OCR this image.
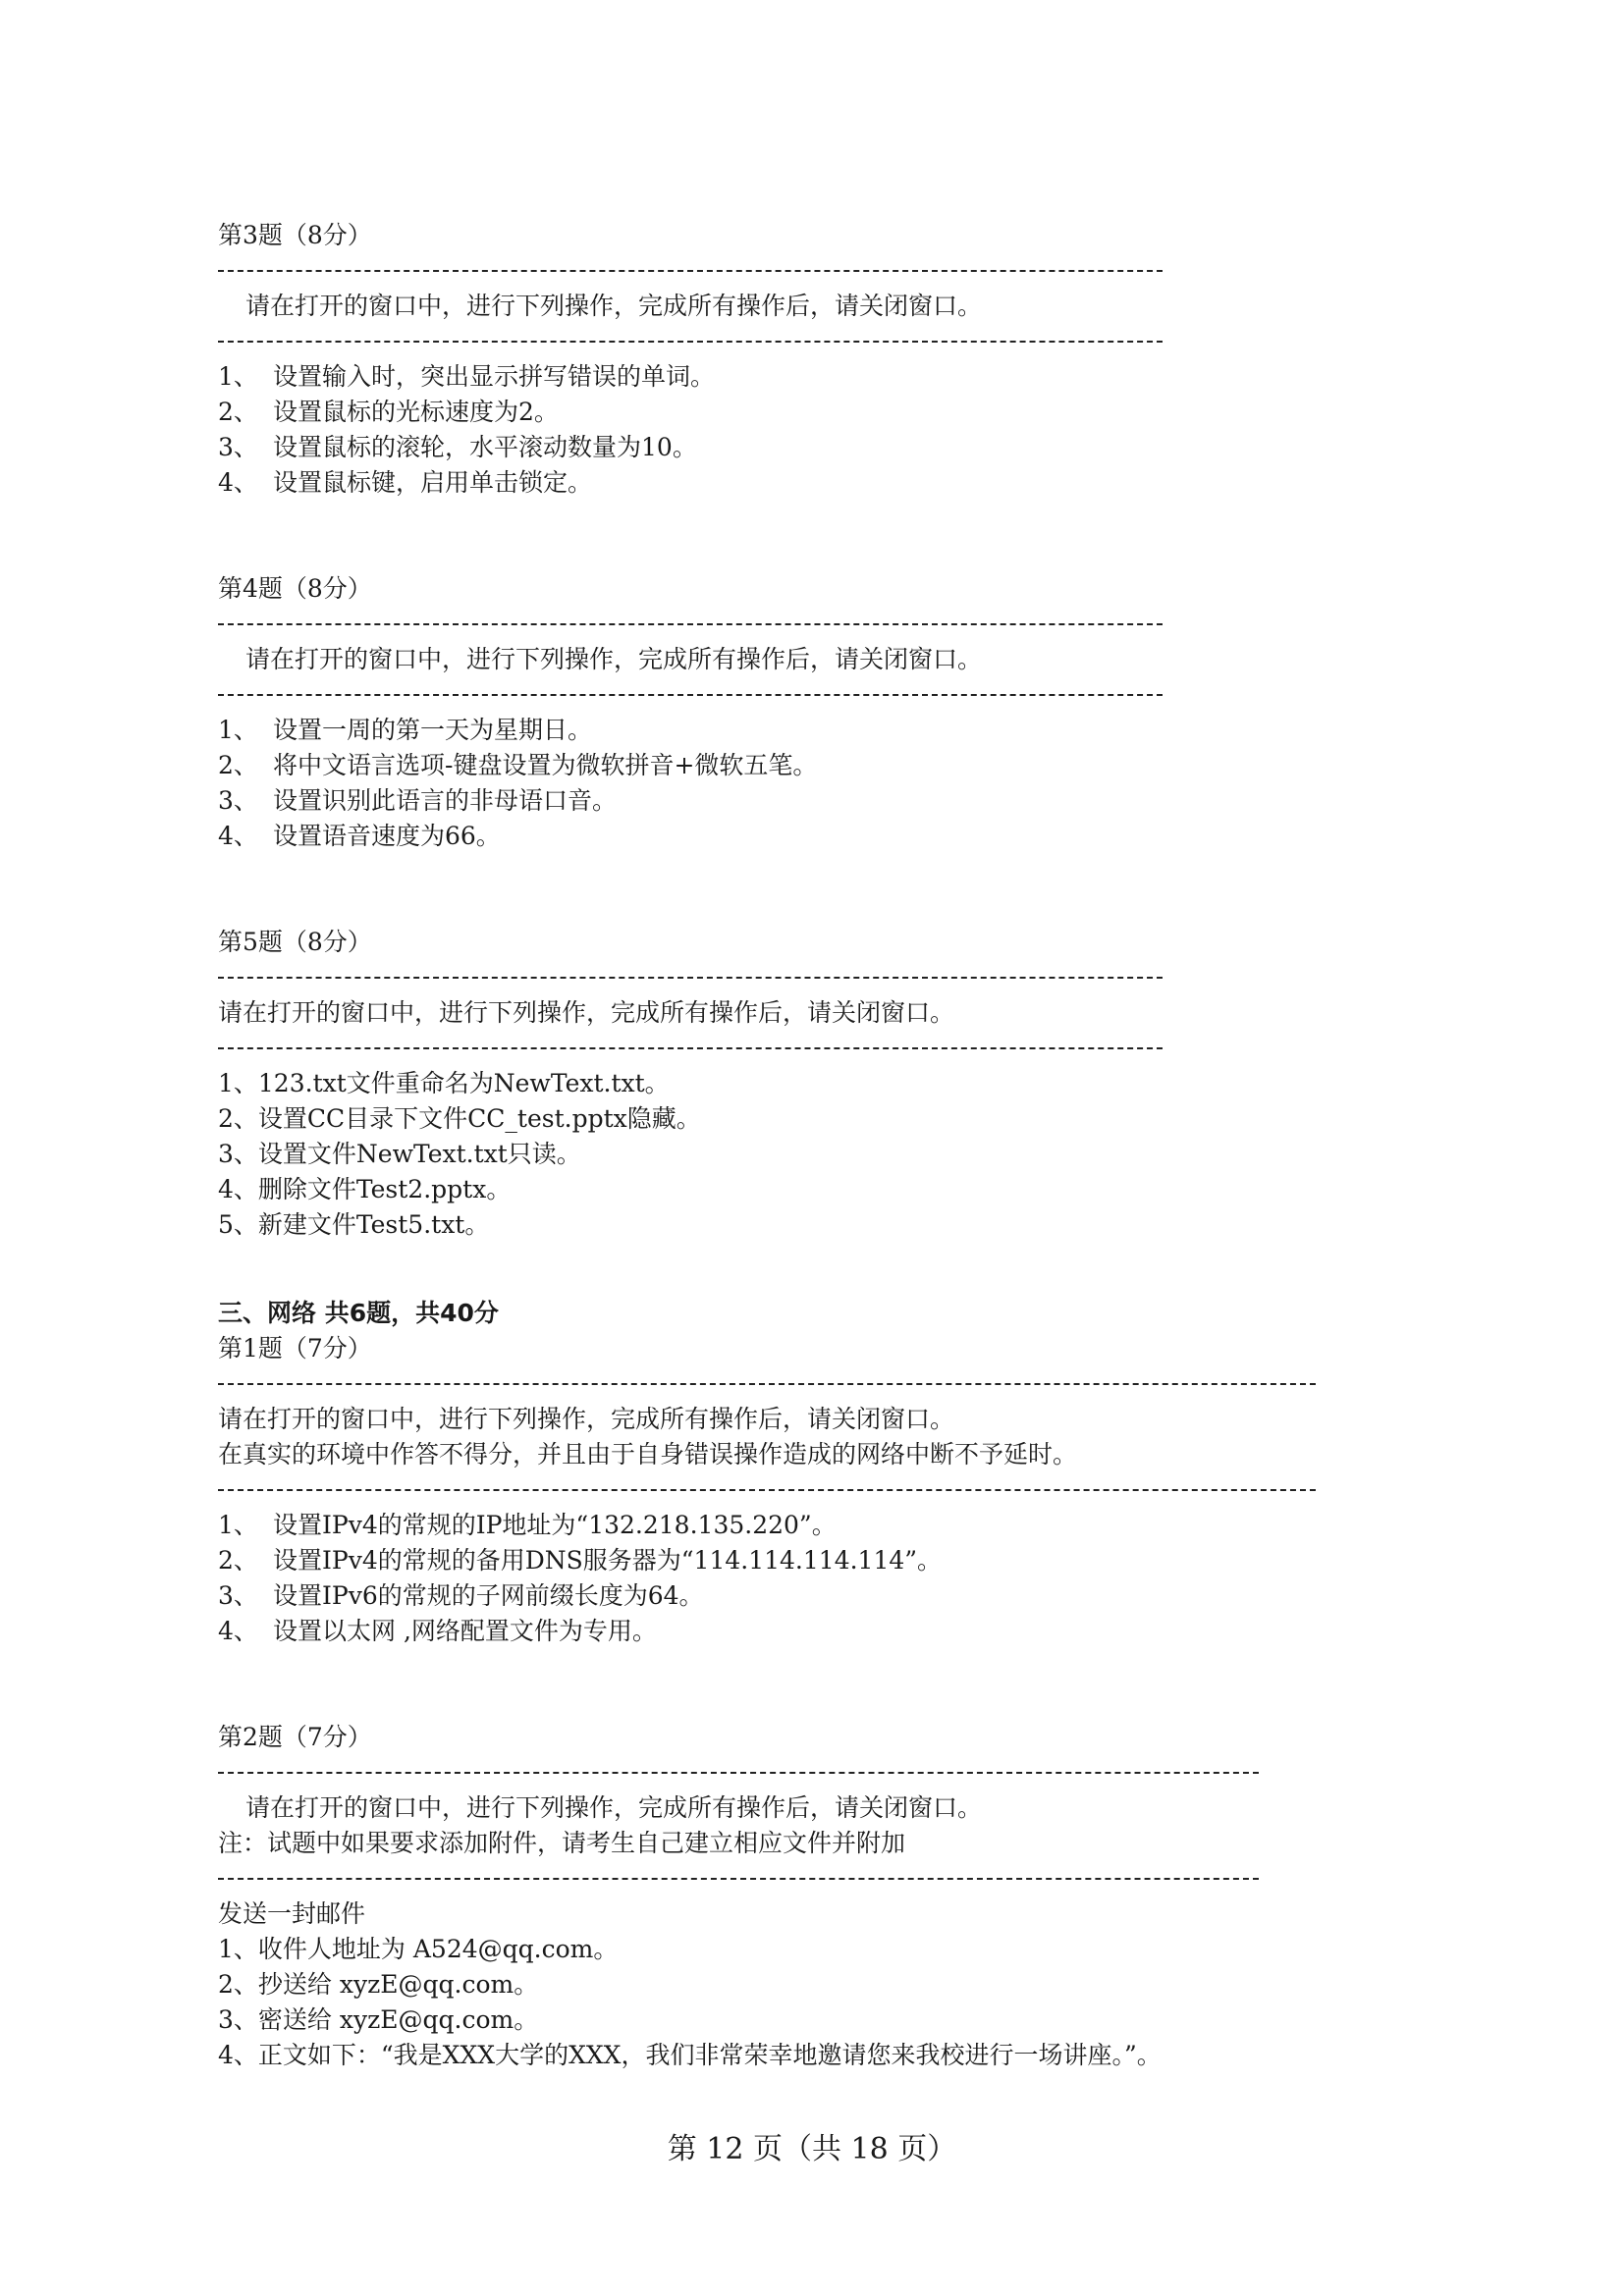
第3题（8分）
请在打开的窗口中，进行下列操作，完成所有操作后，请关闭窗口。
1、 设置输入时，突出显示拼写错误的单词。
2、 设置鼠标的光标速度为2。
3、 设置鼠标的滚轮，水平滚动数量为10。
4、 设置鼠标键，启用单击锁定。
第4题（8分）
请在打开的窗口中，进行下列操作，完成所有操作后，请关闭窗口。
1、 设置一周的第一天为星期日。
2、 将中文语言选项-键盘设置为微软拼音+微软五笔。
3、 设置识别此语言的非母语口音。
4、 设置语音速度为66。
第5题（8分）
请在打开的窗口中，进行下列操作，完成所有操作后，请关闭窗口。
1、123.txt文件重命名为NewText.txt。
2、设置CC目录下文件CC_test.pptx隐藏。
3、设置文件NewText.txt只读。
4、删除文件Test2.pptx。
5、新建文件Test5.txt。
三、网络 共6题，共40分
第1题（7分）
请在打开的窗口中，进行下列操作，完成所有操作后，请关闭窗口。
在真实的环境中作答不得分，并且由于自身错误操作造成的网络中断不予延时。
1、 设置IPv4的常规的IP地址为“132.218.135.220”。
2、 设置IPv4的常规的备用DNS服务器为“114.114.114.114”。
3、 设置IPv6的常规的子网前缀长度为64。
4、 设置以太网 ,网络配置文件为专用。
第2题（7分）
请在打开的窗口中，进行下列操作，完成所有操作后，请关闭窗口。
注：试题中如果要求添加附件，请考生自己建立相应文件并附加
发送一封邮件
1、收件人地址为 A524@qq.com。
2、抄送给 xyzE@qq.com。
3、密送给 xyzE@qq.com。
4、正文如下：“我是XXX大学的XXX，我们非常荣幸地邀请您来我校进行一场讲座。”。
第 12 页（共 18 页）
